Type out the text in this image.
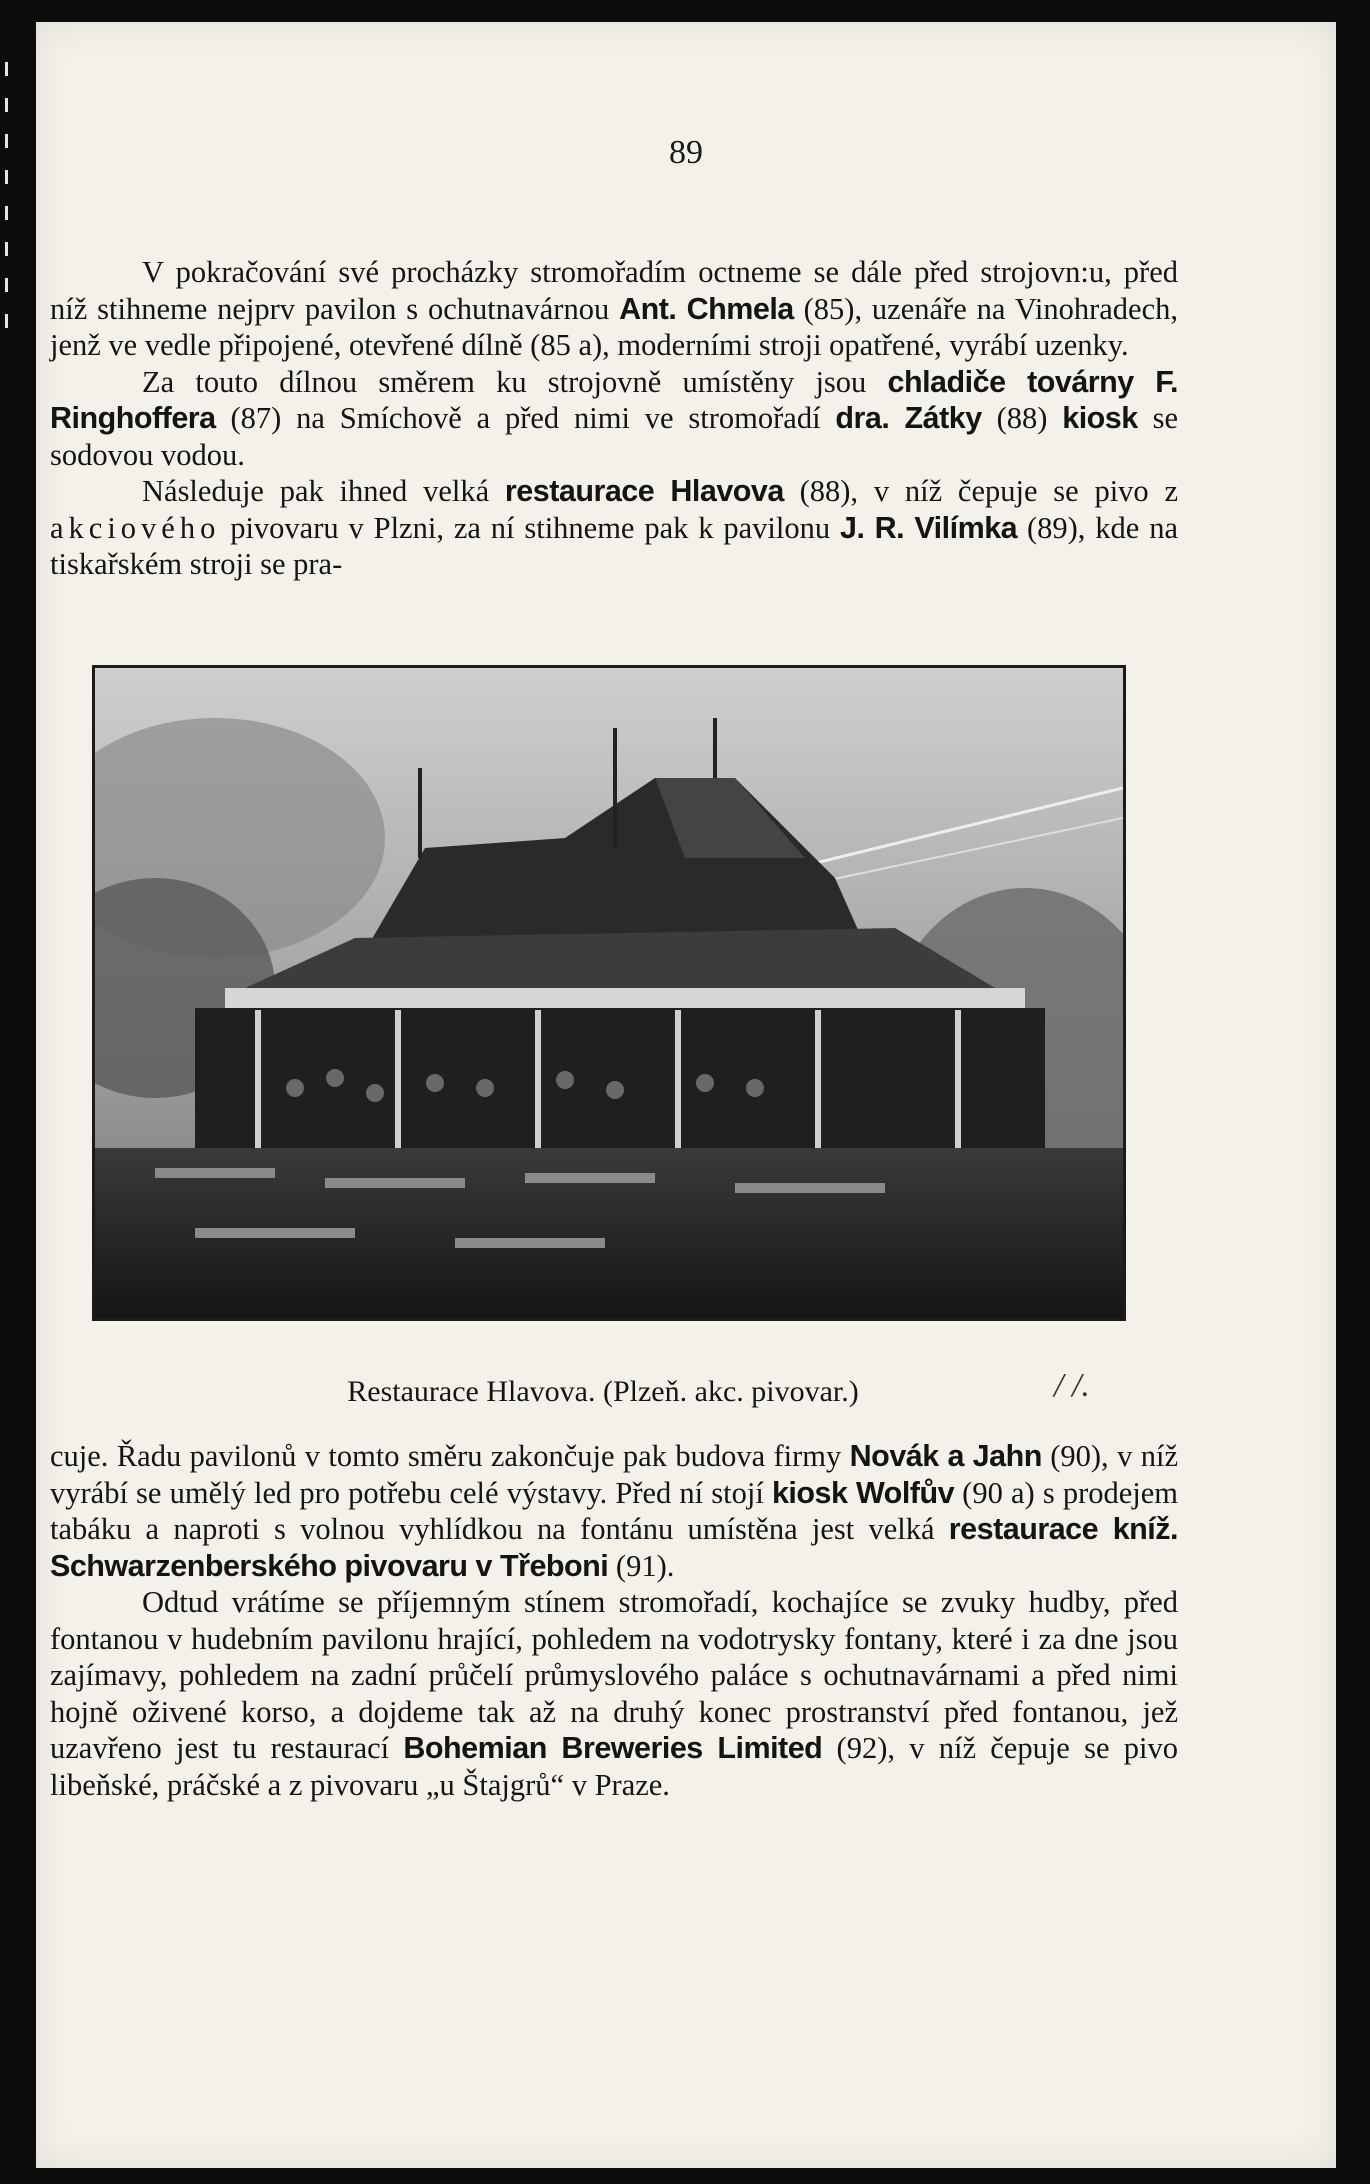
89

V pokračování své procházky stromořadím octneme se dále před strojovn:u, před níž stihneme nejprv pavilon s ochutnavárnou Ant. Chmela (85), uzenáře na Vinohradech, jenž ve vedle připojené, otevřené dílně (85 a), moderními stroji opatřené, vyrábí uzenky.

Za touto dílnou směrem ku strojovně umístěny jsou chladiče továrny F. Ringhoffera (87) na Smíchově a před nimi ve stromořadí dra. Zátky (88) kiosk se sodovou vodou.

Následuje pak ihned velká restaurace Hlavova (88), v níž čepuje se pivo z akciového pivovaru v Plzni, za ní stihneme pak k pavilonu J. R. Vilímka (89), kde na tiskařském stroji se pra-

Restaurace Hlavova. (Plzeň. akc. pivovar.)	/ /.

cuje. Řadu pavilonů v tomto směru zakončuje pak budova firmy Novák a Jahn (90), v níž vyrábí se umělý led pro potřebu celé výstavy. Před ní stojí kiosk Wolfův (90 a) s prodejem tabáku a naproti s volnou vyhlídkou na fontánu umístěna jest velká restaurace kníž. Schwarzenberského pivovaru v Třeboni (91).

Odtud vrátíme se příjemným stínem stromořadí, kochajíce se zvuky hudby, před fontanou v hudebním pavilonu hrající, pohledem na vodotrysky fontany, které i za dne jsou zajímavy, pohledem na zadní průčelí průmyslového paláce s ochutnavárnami a před nimi hojně oživené korso, a dojdeme tak až na druhý konec prostranství před fontanou, jež uzavřeno jest tu restaurací Bohemian Breweries Limited (92), v níž čepuje se pivo libeňské, práčské a z pivovaru „u Štajgrů“ v Praze.
